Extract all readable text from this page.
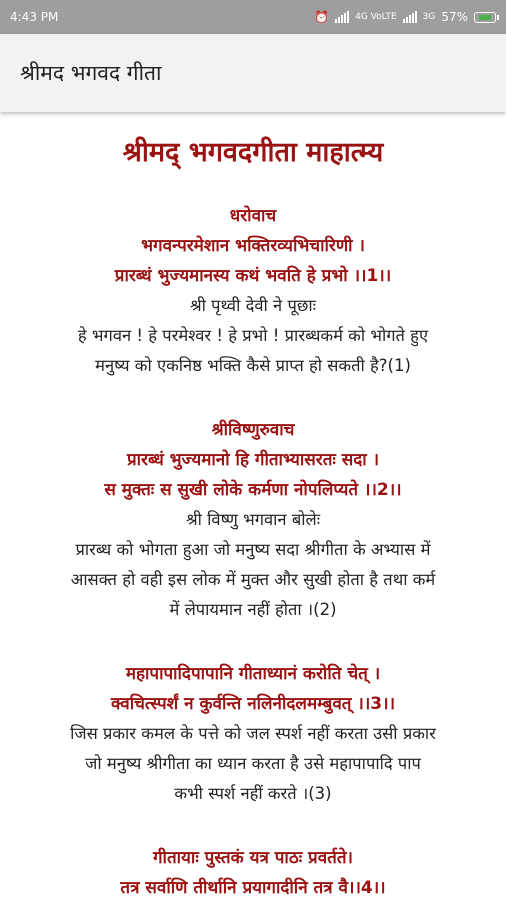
4:43 PM	⏰	4G VoLTE	3G 57%
श्रीमद भगवद गीता
श्रीमद् भगवदगीता माहात्म्य
धरोवाच
भगवन्परमेशान भक्तिरव्यभिचारिणी ।
प्रारब्धं भुज्यमानस्य कथं भवति हे प्रभो ।।1।।
श्री पृथ्वी देवी ने पूछाः
हे भगवन ! हे परमेश्वर ! हे प्रभो ! प्रारब्धकर्म को भोगते हुए
मनुष्य को एकनिष्ठ भक्ति कैसे प्राप्त हो सकती है?(1)
श्रीविष्णुरुवाच
प्रारब्धं भुज्यमानो हि गीताभ्यासरतः सदा ।
स मुक्तः स सुखी लोके कर्मणा नोपलिप्यते ।।2।।
श्री विष्णु भगवान बोलेः
प्रारब्ध को भोगता हुआ जो मनुष्य सदा श्रीगीता के अभ्यास में
आसक्त हो वही इस लोक में मुक्त और सुखी होता है तथा कर्म
में लेपायमान नहीं होता ।(2)
महापापादिपापानि गीताध्यानं करोति चेत् ।
क्वचित्स्पर्शं न कुर्वन्ति नलिनीदलमम्बुवत् ।।3।।
जिस प्रकार कमल के पत्ते को जल स्पर्श नहीं करता उसी प्रकार
जो मनुष्य श्रीगीता का ध्यान करता है उसे महापापादि पाप
कभी स्पर्श नहीं करते ।(3)
गीतायाः पुस्तकं यत्र पाठः प्रवर्तते।
तत्र सर्वाणि तीर्थानि प्रयागादीनि तत्र वै।।4।।
